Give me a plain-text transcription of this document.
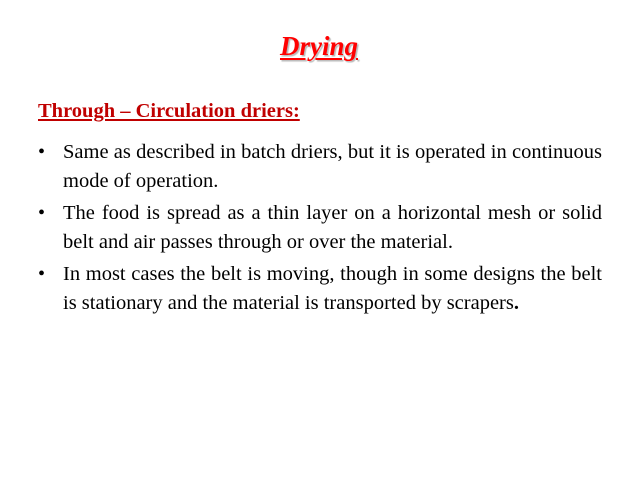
Drying
Through – Circulation driers:
• Same as described in batch driers, but it is operated in continuous mode of operation.
• The food is spread as a thin layer on a horizontal mesh or solid belt and air passes through or over the material.
• In most cases the belt is moving, though in some designs the belt is stationary and the material is transported by scrapers.
